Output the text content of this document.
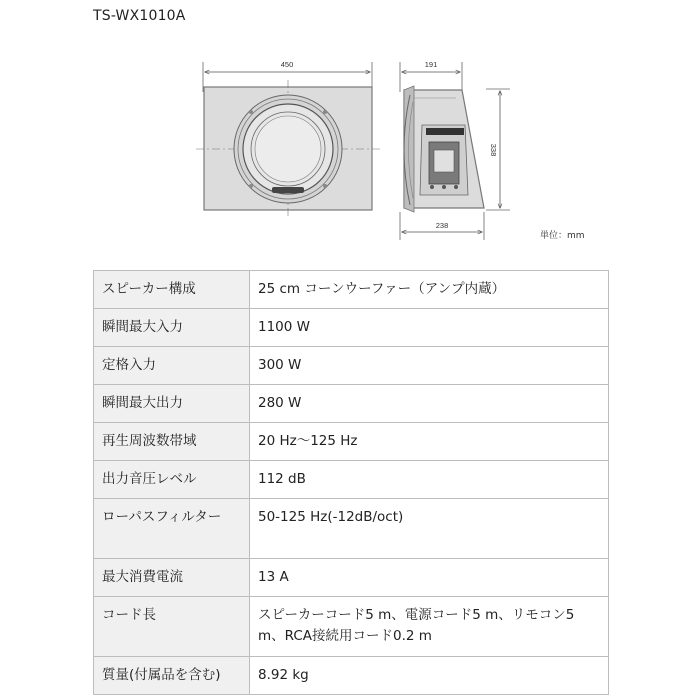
TS-WX1010A
450	191
338
238
単位：mm
スピーカー構成	25 cm コーンウーファー（アンプ内蔵）
瞬間最大入力	1100 W
定格入力	300 W
瞬間最大出力	280 W
再生周波数帯域	20 Hz〜125 Hz
出力音圧レベル	112 dB
ローパスフィルター	50-125 Hz(-12dB/oct)
最大消費電流	13 A
コード長	スピーカーコード5 m、電源コード5 m、リモコン5 m、RCA接続用コード0.2 m
質量(付属品を含む)	8.92 kg
